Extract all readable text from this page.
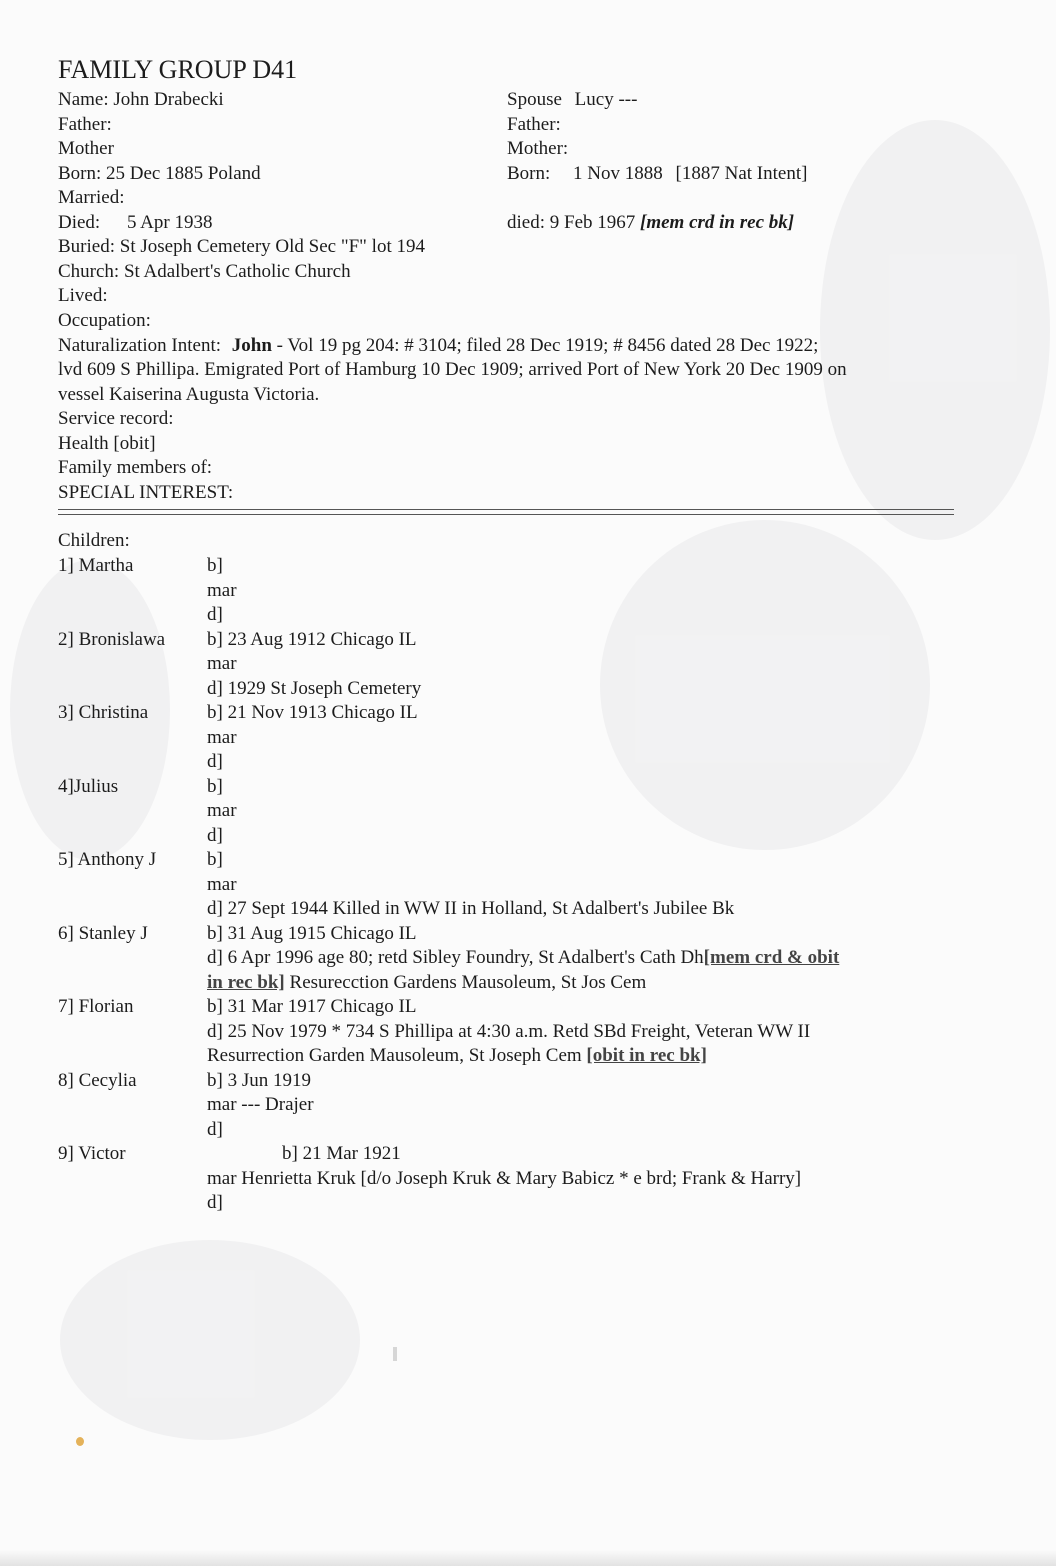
FAMILY GROUP D41
Name: John Drabecki
Father:
Mother
Born: 25 Dec 1885 Poland
Married:
Died: 5 Apr 1938
Buried: St Joseph Cemetery Old Sec "F" lot 194
Church: St Adalbert's Catholic Church
Lived:
Occupation:
Spouse Lucy ---
Father:
Mother:
Born: 1 Nov 1888 [1887 Nat Intent]
died: 9 Feb 1967 [mem crd in rec bk]
Naturalization Intent: John - Vol 19 pg 204: # 3104; filed 28 Dec 1919; # 8456 dated 28 Dec 1922;
lvd 609 S Phillipa. Emigrated Port of Hamburg 10 Dec 1909; arrived Port of New York 20 Dec 1909 on
vessel Kaiserina Augusta Victoria.
Service record:
Health [obit]
Family members of:
SPECIAL INTEREST:
Children:
1] Martha	b]
mar
d]
2] Bronislawa b] 23 Aug 1912 Chicago IL
mar
d] 1929 St Joseph Cemetery
3] Christina	b] 21 Nov 1913 Chicago IL
mar
d]
4]Julius	b]
mar
d]
5] Anthony J	b]
mar
d] 27 Sept 1944 Killed in WW II in Holland, St Adalbert's Jubilee Bk
6] Stanley J	b] 31 Aug 1915 Chicago IL
d] 6 Apr 1996 age 80; retd Sibley Foundry, St Adalbert's Cath Dh[mem crd & obit
in rec bk] Resurecction Gardens Mausoleum, St Jos Cem
7] Florian	b] 31 Mar 1917 Chicago IL
d] 25 Nov 1979 * 734 S Phillipa at 4:30 a.m. Retd SBd Freight, Veteran WW II
Resurrection Garden Mausoleum, St Joseph Cem [obit in rec bk]
8] Cecylia	b] 3 Jun 1919
mar --- Drajer
d]
9] Victor	b] 21 Mar 1921
mar Henrietta Kruk [d/o Joseph Kruk & Mary Babicz * e brd; Frank & Harry]
d]
